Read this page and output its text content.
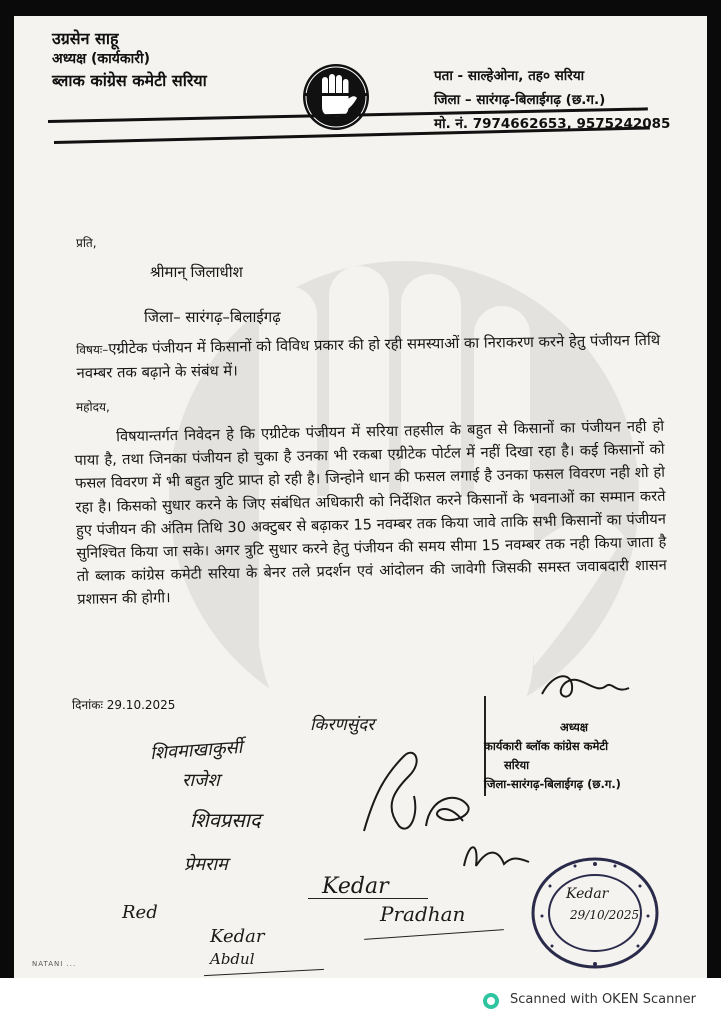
उग्रसेन साहू
अध्यक्ष (कार्यकारी)
ब्लाक कांग्रेस कमेटी सरिया	पता - साल्हेओना, तह० सरिया
जिला – सारंगढ़-बिलाईगढ़ (छ.ग.)
मो. नं. 7974662653, 9575242085
प्रति,
श्रीमान् जिलाधीश
जिला– सारंगढ़–बिलाईगढ़
विषयः–एग्रीटेक पंजीयन में किसानों को विविध प्रकार की हो रही समस्याओं का निराकरण करने हेतु पंजीयन तिथि नवम्बर तक बढ़ाने के संबंध में।
महोदय,
विषयान्तर्गत निवेदन हे कि एग्रीटेक पंजीयन में सरिया तहसील के बहुत से किसानों का पंजीयन नही हो पाया है, तथा जिनका पंजीयन हो चुका है उनका भी रकबा एग्रीटेक पोर्टल में नहीं दिखा रहा है। कई किसानों को फसल विवरण में भी बहुत त्रुटि प्राप्त हो रही है। जिन्होने धान की फसल लगाई है उनका फसल विवरण नही शो हो रहा है। किसको सुधार करने के जिए संबंधित अधिकारी को निर्देशित करने किसानों के भवनाओं का सम्मान करते हुए पंजीयन की अंतिम तिथि 30 अक्टुबर से बढ़ाकर 15 नवम्बर तक किया जावे ताकि सभी किसानों का पंजीयन सुनिश्चित किया जा सके। अगर त्रुटि सुधार करने हेतु पंजीयन की समय सीमा 15 नवम्बर तक नही किया जाता है तो ब्लाक कांग्रेस कमेटी सरिया के बेनर तले प्रदर्शन एवं आंदोलन की जावेगी जिसकी समस्त जवाबदारी शासन प्रशासन की होगी।
दिनांकः 29.10.2025
अध्यक्ष
कार्यकारी ब्लॉक कांग्रेस कमेटी
सरिया
जिला-सारंगढ़-बिलाईगढ़ (छ.ग.)
किरणसुंदर
शिवमाखाकुर्सी
राजेश
शिवप्रसाद
प्रेमराम
Kedar
Red	Pradhan
Kedar
Abdul
Kedar
29/10/2025
NATANI ...
Scanned with OKEN Scanner
